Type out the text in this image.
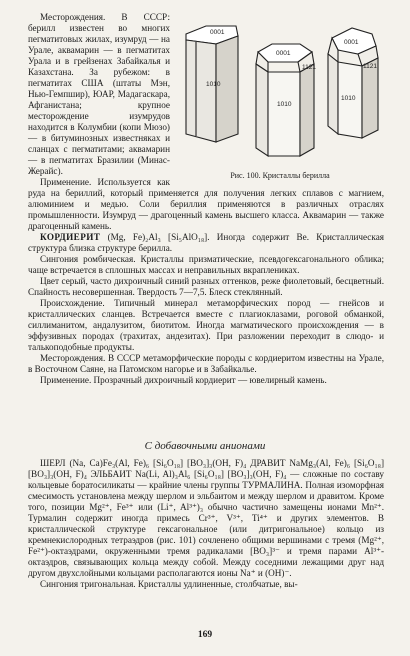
0001
1010
0001
1010
1121
0001
1010
1121
Рис. 100. Кристаллы берилла

Месторождения. В СССР: берилл известен во многих пегматитовых жилах, изумруд — на Урале, аквамарин — в пегматитах Урала и в грейзенах Забайкалья и Казахстана. За рубежом: в пегматитах США (штаты Мэн, Нью-Гемпшир), ЮАР, Мадагаскара, Афганистана; крупное месторождение изумрудов находится в Колумбии (копи Мюзо) — в битуминозных известняках и сланцах с пегматитами; аквамарин — в пегматитах Бразилии (Минас-Жерайс).

Применение. Используется как руда на бериллий, который применяется для получения легких сплавов с магнием, алюминием и медью. Соли бериллия применяются в различных отраслях промышленности. Изумруд — драгоценный камень высшего класса. Аквамарин — также драгоценный камень.

КОРДИЕРИТ (Mg, Fe)₂Al₃ [Si₅AlO₁₈]. Иногда содержит Be. Кристаллическая структура близка структуре берилла.

Сингония ромбическая. Кристаллы призматические, псевдогексагонального облика; чаще встречается в сплошных массах и неправильных вкраплениках.

Цвет серый, часто дихроичный синий разных оттенков, реже фиолетовый, бесцветный. Спайность несовершенная. Твердость 7—7,5. Блеск стеклянный.

Происхождение. Типичный минерал метаморфических пород — гнейсов и кристаллических сланцев. Встречается вместе с плагиоклазами, роговой обманкой, силлиманитом, андалузитом, биотитом. Иногда магматического происхождения — в эффузивных породах (трахитах, андезитах). При разложении переходит в слюдо- и талькоподобные продукты.

Месторождения. В СССР метаморфические породы с кордиеритом известны на Урале, в Восточном Саяне, на Патомском нагорье и в Забайкалье.

Применение. Прозрачный дихроичный кордиерит — ювелирный камень.

С добавочными анионами

ШЕРЛ (Na, Ca)Fe₃(Al, Fe)₆ [Si₆O₁₈] [BO₃]₃(OH, F)₄ ДРАВИТ NaMg₃(Al, Fe)₆ [Si₆O₁₈] [BO₃]₃(OH, F)₄ ЭЛЬБАИТ Na(Li, Al)₃Al₆ [Si₆O₁₈] [BO₃]₃(OH, F)₄ — сложные по составу кольцевые боратосиликаты — крайние члены группы ТУРМАЛИНА. Полная изоморфная смесимость установлена между шерлом и эльбаитом и между шерлом и дравитом. Кроме того, позиции Mg²⁺, Fe³⁺ или (Li⁺, Al³⁺)₃ обычно частично замещены ионами Mn²⁺. Турмалин содержит иногда примесь Cr³⁺, V³⁺, Ti⁴⁺ и других элементов. В кристаллической структуре гексагональное (или дитригональное) кольцо из кремнекислородных тетраэдров (рис. 101) сочленено общими вершинами с тремя (Mg²⁺, Fe²⁺)-октаэдрами, окруженными тремя радикалами [BO₃]³⁻ и тремя парами Al³⁺-октаэдров, связывающих кольца между собой. Между соседними лежащими друг над другом двухслойными кольцами располагаются ионы Na⁺ и (OH)⁻.

Сингония тригональная. Кристаллы удлиненные, столбчатые, вы-

169
